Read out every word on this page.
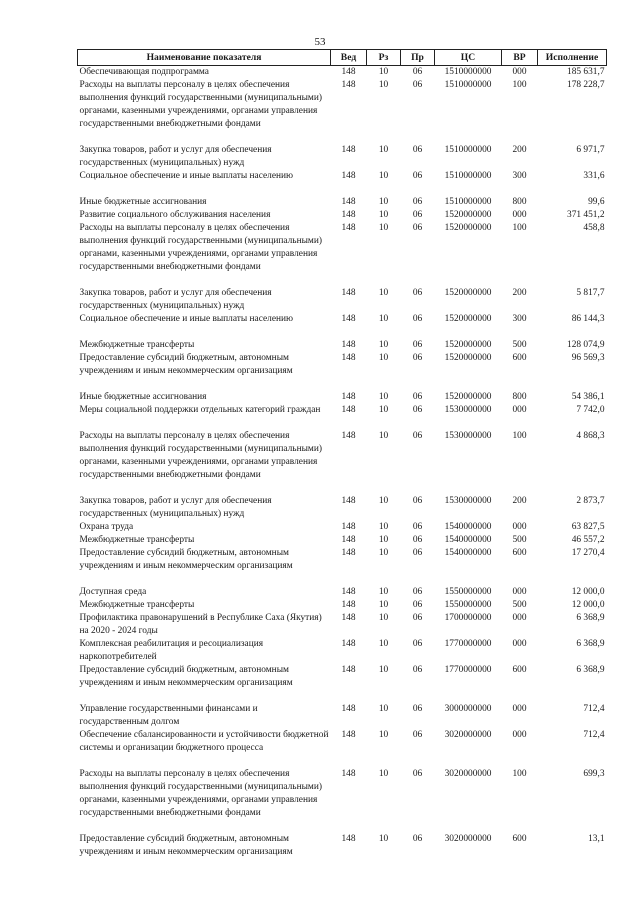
53
Наименование показателя	Вед	Рз	Пр	ЦС	ВР	Исполнение
Обеспечивающая подпрограмма	148	10	06	1510000000	000	185 631,7
Расходы на выплаты персоналу в целях обеспечения выполнения функций государственными (муниципальными) органами, казенными учреждениями, органами управления государственными внебюджетными фондами	148	10	06	1510000000	100	178 228,7
Закупка товаров, работ и услуг для обеспечения государственных (муниципальных) нужд	148	10	06	1510000000	200	6 971,7
Социальное обеспечение и иные выплаты населению	148	10	06	1510000000	300	331,6
Иные бюджетные ассигнования	148	10	06	1510000000	800	99,6
Развитие социального обслуживания населения	148	10	06	1520000000	000	371 451,2
Расходы на выплаты персоналу в целях обеспечения выполнения функций государственными (муниципальными) органами, казенными учреждениями, органами управления государственными внебюджетными фондами	148	10	06	1520000000	100	458,8
Закупка товаров, работ и услуг для обеспечения государственных (муниципальных) нужд	148	10	06	1520000000	200	5 817,7
Социальное обеспечение и иные выплаты населению	148	10	06	1520000000	300	86 144,3
Межбюджетные трансферты	148	10	06	1520000000	500	128 074,9
Предоставление субсидий бюджетным, автономным учреждениям и иным некоммерческим организациям	148	10	06	1520000000	600	96 569,3
Иные бюджетные ассигнования	148	10	06	1520000000	800	54 386,1
Меры социальной поддержки отдельных категорий граждан	148	10	06	1530000000	000	7 742,0
Расходы на выплаты персоналу в целях обеспечения выполнения функций государственными (муниципальными) органами, казенными учреждениями, органами управления государственными внебюджетными фондами	148	10	06	1530000000	100	4 868,3
Закупка товаров, работ и услуг для обеспечения государственных (муниципальных) нужд	148	10	06	1530000000	200	2 873,7
Охрана труда	148	10	06	1540000000	000	63 827,5
Межбюджетные трансферты	148	10	06	1540000000	500	46 557,2
Предоставление субсидий бюджетным, автономным учреждениям и иным некоммерческим организациям	148	10	06	1540000000	600	17 270,4
Доступная среда	148	10	06	1550000000	000	12 000,0
Межбюджетные трансферты	148	10	06	1550000000	500	12 000,0
Профилактика правонарушений в Республике Саха (Якутия) на 2020 - 2024 годы	148	10	06	1700000000	000	6 368,9
Комплексная реабилитация и ресоциализация наркопотребителей	148	10	06	1770000000	000	6 368,9
Предоставление субсидий бюджетным, автономным учреждениям и иным некоммерческим организациям	148	10	06	1770000000	600	6 368,9
Управление государственными финансами и государственным долгом	148	10	06	3000000000	000	712,4
Обеспечение сбалансированности и устойчивости бюджетной системы и организации бюджетного процесса	148	10	06	3020000000	000	712,4
Расходы на выплаты персоналу в целях обеспечения выполнения функций государственными (муниципальными) органами, казенными учреждениями, органами управления государственными внебюджетными фондами	148	10	06	3020000000	100	699,3
Предоставление субсидий бюджетным, автономным учреждениям и иным некоммерческим организациям	148	10	06	3020000000	600	13,1
